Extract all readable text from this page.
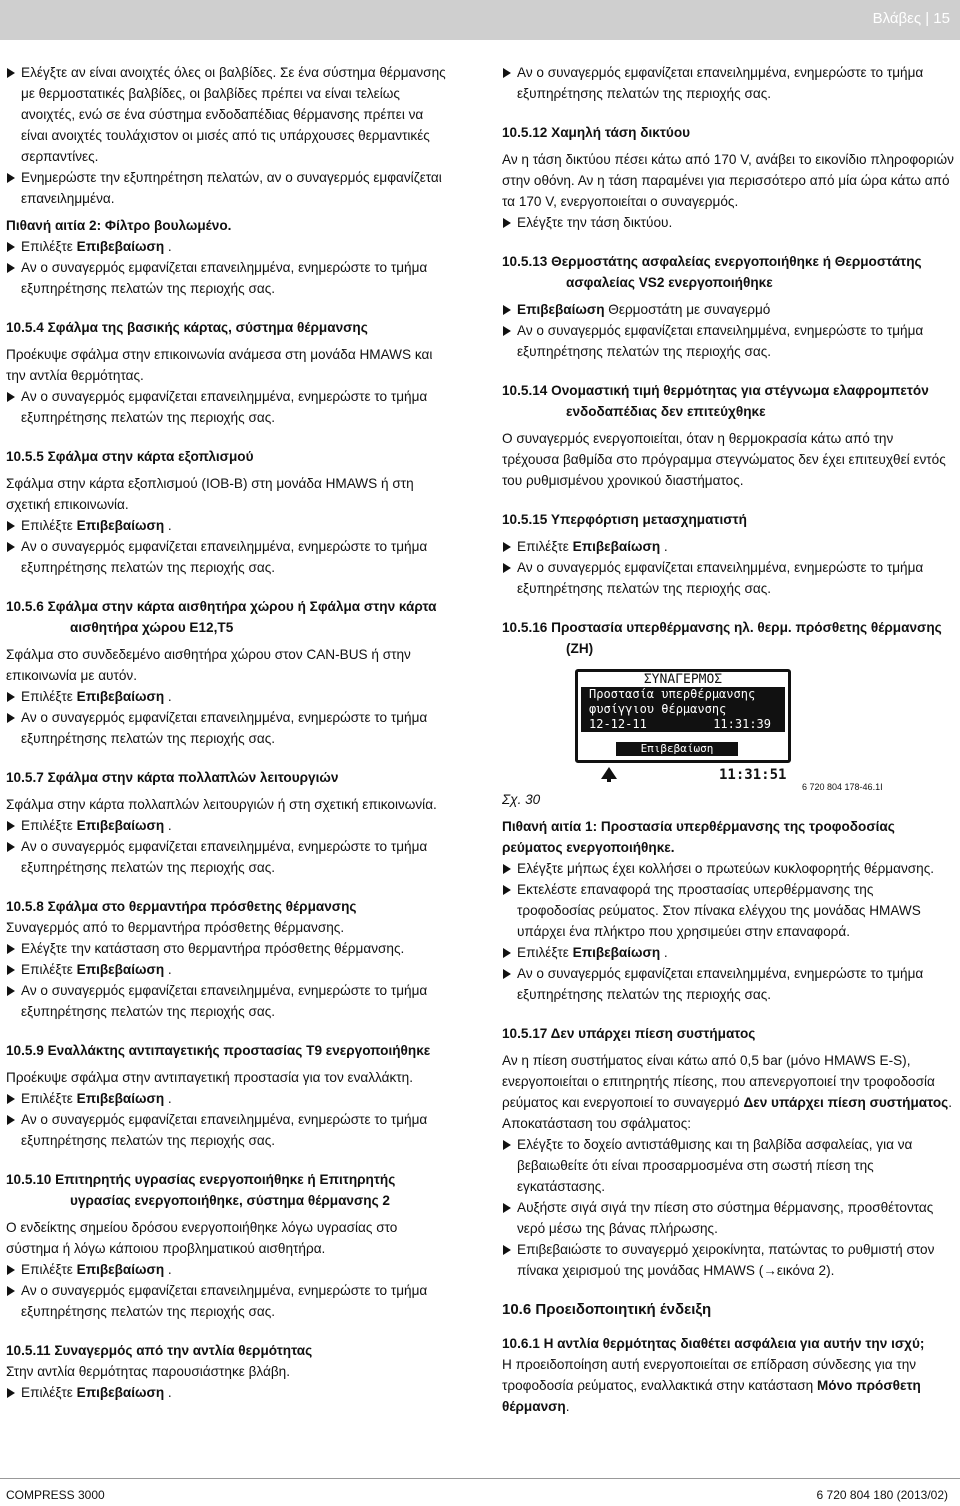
Βλάβες | 15

Ελέγξτε αν είναι ανοιχτές όλες οι βαλβίδες. Σε ένα σύστημα θέρμανσης με θερμοστατικές βαλβίδες, οι βαλβίδες πρέπει να είναι τελείως ανοιχτές, ενώ σε ένα σύστημα ενδοδαπέδιας θέρμανσης πρέπει να είναι ανοιχτές τουλάχιστον οι μισές από τις υπάρχουσες θερμαντικές σερπαντίνες.

Ενημερώστε την εξυπηρέτηση πελατών, αν ο συναγερμός εμφανίζεται επανειλημμένα.

Πιθανή αιτία 2: Φίλτρο βουλωμένο.

Επιλέξτε Επιβεβαίωση .

Αν ο συναγερμός εμφανίζεται επανειλημμένα, ενημερώστε το τμήμα εξυπηρέτησης πελατών της περιοχής σας.

10.5.4 Σφάλμα της βασικής κάρτας, σύστημα θέρμανσης

Προέκυψε σφάλμα στην επικοινωνία ανάμεσα στη μονάδα HMAWS και την αντλία θερμότητας.

Αν ο συναγερμός εμφανίζεται επανειλημμένα, ενημερώστε το τμήμα εξυπηρέτησης πελατών της περιοχής σας.

10.5.5 Σφάλμα στην κάρτα εξοπλισμού

Σφάλμα στην κάρτα εξοπλισμού (IOB-B) στη μονάδα HMAWS ή στη σχετική επικοινωνία.

Επιλέξτε Επιβεβαίωση .

Αν ο συναγερμός εμφανίζεται επανειλημμένα, ενημερώστε το τμήμα εξυπηρέτησης πελατών της περιοχής σας.

10.5.6 Σφάλμα στην κάρτα αισθητήρα χώρου ή Σφάλμα στην κάρτα αισθητήρα χώρου E12,T5

Σφάλμα στο συνδεδεμένο αισθητήρα χώρου στον CAN-BUS ή στην επικοινωνία με αυτόν.

Επιλέξτε Επιβεβαίωση .

Αν ο συναγερμός εμφανίζεται επανειλημμένα, ενημερώστε το τμήμα εξυπηρέτησης πελατών της περιοχής σας.

10.5.7 Σφάλμα στην κάρτα πολλαπλών λειτουργιών

Σφάλμα στην κάρτα πολλαπλών λειτουργιών ή στη σχετική επικοινωνία.

Επιλέξτε Επιβεβαίωση .

Αν ο συναγερμός εμφανίζεται επανειλημμένα, ενημερώστε το τμήμα εξυπηρέτησης πελατών της περιοχής σας.

10.5.8 Σφάλμα στο θερμαντήρα πρόσθετης θέρμανσης

Συναγερμός από το θερμαντήρα πρόσθετης θέρμανσης.

Ελέγξτε την κατάσταση στο θερμαντήρα πρόσθετης θέρμανσης.

Επιλέξτε Επιβεβαίωση .

Αν ο συναγερμός εμφανίζεται επανειλημμένα, ενημερώστε το τμήμα εξυπηρέτησης πελατών της περιοχής σας.

10.5.9 Εναλλάκτης αντιπαγετικής προστασίας T9 ενεργοποιήθηκε

Προέκυψε σφάλμα στην αντιπαγετική προστασία για τον εναλλάκτη.

Επιλέξτε Επιβεβαίωση .

Αν ο συναγερμός εμφανίζεται επανειλημμένα, ενημερώστε το τμήμα εξυπηρέτησης πελατών της περιοχής σας.

10.5.10 Επιτηρητής υγρασίας ενεργοποιήθηκε ή Επιτηρητής υγρασίας ενεργοποιήθηκε, σύστημα θέρμανσης 2

Ο ενδείκτης σημείου δρόσου ενεργοποιήθηκε λόγω υγρασίας στο σύστημα ή λόγω κάποιου προβληματικού αισθητήρα.

Επιλέξτε Επιβεβαίωση .

Αν ο συναγερμός εμφανίζεται επανειλημμένα, ενημερώστε το τμήμα εξυπηρέτησης πελατών της περιοχής σας.

10.5.11 Συναγερμός από την αντλία θερμότητας

Στην αντλία θερμότητας παρουσιάστηκε βλάβη.

Επιλέξτε Επιβεβαίωση .

Αν ο συναγερμός εμφανίζεται επανειλημμένα, ενημερώστε το τμήμα εξυπηρέτησης πελατών της περιοχής σας.

10.5.12 Χαμηλή τάση δικτύου

Αν η τάση δικτύου πέσει κάτω από 170 V, ανάβει το εικονίδιο πληροφοριών στην οθόνη. Αν η τάση παραμένει για περισσότερο από μία ώρα κάτω από τα 170 V, ενεργοποιείται ο συναγερμός.

Ελέγξτε την τάση δικτύου.

10.5.13 Θερμοστάτης ασφαλείας ενεργοποιήθηκε ή Θερμοστάτης ασφαλείας VS2 ενεργοποιήθηκε

Επιβεβαίωση Θερμοστάτη με συναγερμό

Αν ο συναγερμός εμφανίζεται επανειλημμένα, ενημερώστε το τμήμα εξυπηρέτησης πελατών της περιοχής σας.

10.5.14 Ονομαστική τιμή θερμότητας για στέγνωμα ελαφρομπετόν ενδοδαπέδιας δεν επιτεύχθηκε

Ο συναγερμός ενεργοποιείται, όταν η θερμοκρασία κάτω από την τρέχουσα βαθμίδα στο πρόγραμμα στεγνώματος δεν έχει επιτευχθεί εντός του ρυθμισμένου χρονικού διαστήματος.

10.5.15 Υπερφόρτιση μετασχηματιστή

Επιλέξτε Επιβεβαίωση .

Αν ο συναγερμός εμφανίζεται επανειλημμένα, ενημερώστε το τμήμα εξυπηρέτησης πελατών της περιοχής σας.

10.5.16 Προστασία υπερθέρμανσης ηλ. θερμ. πρόσθετης θέρμανσης (ZH)

ΣΥΝΑΓΕΡΜΟΣ
Προστασία υπερθέρμανσης
φυσίγγιου θέρμανσης
12-12-11	11:31:39
Επιβεβαίωση
11:31:51
6 720 804 178-46.1I

Σχ. 30

Πιθανή αιτία 1: Προστασία υπερθέρμανσης της τροφοδοσίας ρεύματος ενεργοποιήθηκε.

Ελέγξτε μήπως έχει κολλήσει ο πρωτεύων κυκλοφορητής θέρμανσης.

Εκτελέστε επαναφορά της προστασίας υπερθέρμανσης της τροφοδοσίας ρεύματος. Στον πίνακα ελέγχου της μονάδας HMAWS υπάρχει ένα πλήκτρο που χρησιμεύει στην επαναφορά.

Επιλέξτε Επιβεβαίωση .

Αν ο συναγερμός εμφανίζεται επανειλημμένα, ενημερώστε το τμήμα εξυπηρέτησης πελατών της περιοχής σας.

10.5.17 Δεν υπάρχει πίεση συστήματος

Αν η πίεση συστήματος είναι κάτω από 0,5 bar (μόνο HMAWS E-S), ενεργοποιείται ο επιτηρητής πίεσης, που απενεργοποιεί την τροφοδοσία ρεύματος και ενεργοποιεί το συναγερμό Δεν υπάρχει πίεση συστήματος. Αποκατάσταση του σφάλματος:

Ελέγξτε το δοχείο αντιστάθμισης και τη βαλβίδα ασφαλείας, για να βεβαιωθείτε ότι είναι προσαρμοσμένα στη σωστή πίεση της εγκατάστασης.

Αυξήστε σιγά σιγά την πίεση στο σύστημα θέρμανσης, προσθέτοντας νερό μέσω της βάνας πλήρωσης.

Επιβεβαιώστε το συναγερμό χειροκίνητα, πατώντας το ρυθμιστή στον πίνακα χειρισμού της μονάδας HMAWS (→εικόνα 2).

10.6 Προειδοποιητική ένδειξη

10.6.1 Η αντλία θερμότητας διαθέτει ασφάλεια για αυτήν την ισχύ;

Η προειδοποίηση αυτή ενεργοποιείται σε επίδραση σύνδεσης για την τροφοδοσία ρεύματος, εναλλακτικά στην κατάσταση Μόνο πρόσθετη θέρμανση.

COMPRESS 3000	6 720 804 180 (2013/02)
